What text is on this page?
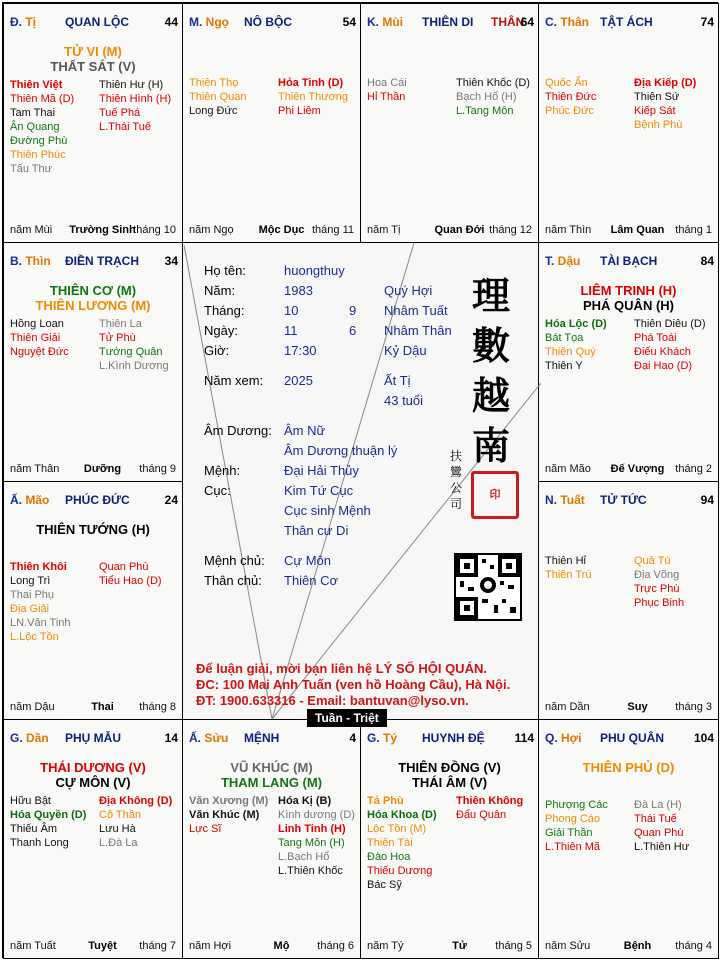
Đ. Tị QUAN LỘC	44
TỬ VI (M)
THẤT SÁT (V)
Thiên Việt
Thiên Mã (D)
Tam Thai
Ân Quang
Đường Phù
Thiên Phúc
Tấu Thư
Thiên Hư (H)
Thiên Hình (H)
Tuế Phá
L.Thái Tuế
năm Mùi	Trường Sinh
tháng 10
M. Ngọ NÔ BỘC	54
Thiên Thọ
Thiên Quan
Long Đức
Hỏa Tinh (D)
Thiên Thương
Phi Liêm
năm Ngọ	Mộc Dục tháng 11
K. Mùi THIÊN DI THÂN
64
Hoa Cái
Hỉ Thần
Thiên Khốc (D)
Bạch Hổ (H)
L.Tang Môn
năm Tị	Quan Đới tháng 12
C. Thân TẬT ÁCH	74
Quốc Ấn
Thiên Đức
Phúc Đức
Địa Kiếp (D)
Thiên Sứ
Kiếp Sát
Bệnh Phù
năm Thìn	Lâm Quan tháng 1
B. Thìn ĐIỀN TRẠCH 34
THIÊN CƠ (M)
THIÊN LƯƠNG (M)
Hồng Loan
Thiên Giải
Nguyệt Đức
Thiên La
Tử Phù
Tướng Quân
L.Kình Dương
năm Thân	Dưỡng	tháng 9
T. Dậu TÀI BẠCH	84
LIÊM TRINH (H)
PHÁ QUÂN (H)
Hóa Lộc (D)
Bát Tọa
Thiên Quý
Thiên Y
Thiên Diêu (D)
Phá Toái
Điếu Khách
Đại Hao (D)
năm Mão	Đế Vượng tháng 2
Ấ. Mão PHÚC ĐỨC	24
THIÊN TƯỚNG (H)
Thiên Khôi
Long Trì
Thai Phụ
Địa Giải
LN.Văn Tinh
L.Lộc Tồn
Quan Phù
Tiểu Hao (D)
năm Dậu	Thai	tháng 8
N. Tuất TỬ TỨC	94
Thiên Hỉ
Thiên Trù
Quả Tú
Địa Võng
Trực Phù
Phục Binh
năm Dần	Suy	tháng 3
G. Dần PHỤ MẪU	14
THÁI DƯƠNG (V)
CỰ MÔN (V)
Hữu Bật
Hóa Quyền (D)
Thiếu Âm
Thanh Long
Địa Không (D)
Cô Thần
Lưu Hà
L.Đà La
năm Tuất	Tuyệt	tháng 7
Ấ. Sửu MỆNH	4
VŨ KHÚC (M)
THAM LANG (M)
Văn Xương (M)
Văn Khúc (M)
Lực Sĩ
Hóa Kị (B)
Kình dương (D)
Linh Tinh (H)
Tang Môn (H)
L.Bạch Hổ
L.Thiên Khốc
năm Hợi	Mộ	tháng 6
G. Tý HUYNH ĐỆ 114
THIÊN ĐỒNG (V)
THÁI ÂM (V)
Tả Phù
Hóa Khoa (D)
Lộc Tồn (M)
Thiên Tài
Đào Hoa
Thiếu Dương
Bác Sỹ
Thiên Không
Đẩu Quân
năm Tý	Tử	tháng 5
Q. Hợi PHU QUÂN 104
THIÊN PHỦ (D)
Phượng Các
Phong Cáo
Giải Thần
L.Thiên Mã
Đà La (H)
Thái Tuế
Quan Phù
L.Thiên Hư
năm Sửu	Bệnh	tháng 4
Họ tên:	huongthuy
Năm:	1983	Quý Hợi
Tháng:	10	9 Nhâm Tuất
Ngày:	11	6 Nhâm Thân
Giờ:	17:30	Kỷ Dậu
Năm xem: 2025	Ất Tị
43 tuổi
Âm Dương: Âm Nữ
Âm Dương thuận lý
Mệnh:	Đại Hải Thủy
Cục:	Kim Tứ Cục
Cục sinh Mệnh
Thân cư Di
Mệnh chủ: Cự Môn
Thân chủ: Thiên Cơ
理
數
越
南
扶鸞公司
印
Để luận giải, mời bạn liên hệ LÝ SỐ HỘI QUÁN.
ĐC: 100 Mai Anh Tuấn (ven hồ Hoàng Cầu), Hà Nội.
ĐT: 1900.633316 - Email: bantuvan@lyso.vn.
Tuần - Triệt
